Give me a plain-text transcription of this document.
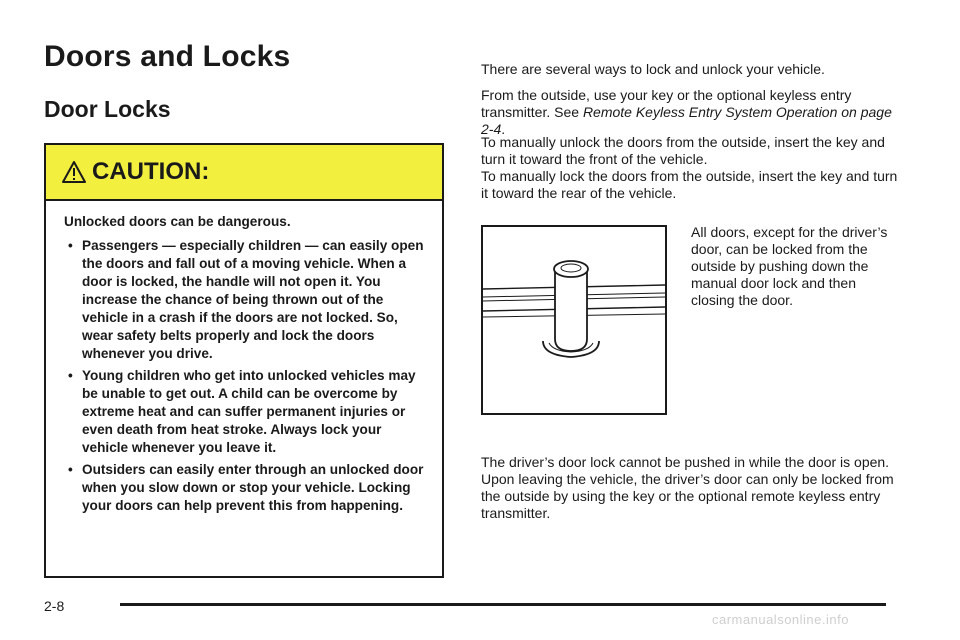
Doors and Locks
Door Locks
CAUTION:

Unlocked doors can be dangerous.

• Passengers — especially children — can easily open the doors and fall out of a moving vehicle. When a door is locked, the handle will not open it. You increase the chance of being thrown out of the vehicle in a crash if the doors are not locked. So, wear safety belts properly and lock the doors whenever you drive.
• Young children who get into unlocked vehicles may be unable to get out. A child can be overcome by extreme heat and can suffer permanent injuries or even death from heat stroke. Always lock your vehicle whenever you leave it.
• Outsiders can easily enter through an unlocked door when you slow down or stop your vehicle. Locking your doors can help prevent this from happening.

There are several ways to lock and unlock your vehicle.

From the outside, use your key or the optional keyless entry transmitter. See Remote Keyless Entry System Operation on page 2-4.

To manually unlock the doors from the outside, insert the key and turn it toward the front of the vehicle.

To manually lock the doors from the outside, insert the key and turn it toward the rear of the vehicle.

All doors, except for the driver’s door, can be locked from the outside by pushing down the manual door lock and then closing the door.

The driver’s door lock cannot be pushed in while the door is open. Upon leaving the vehicle, the driver’s door can only be locked from the outside by using the key or the optional remote keyless entry transmitter.

2-8

carmanualsonline.info
